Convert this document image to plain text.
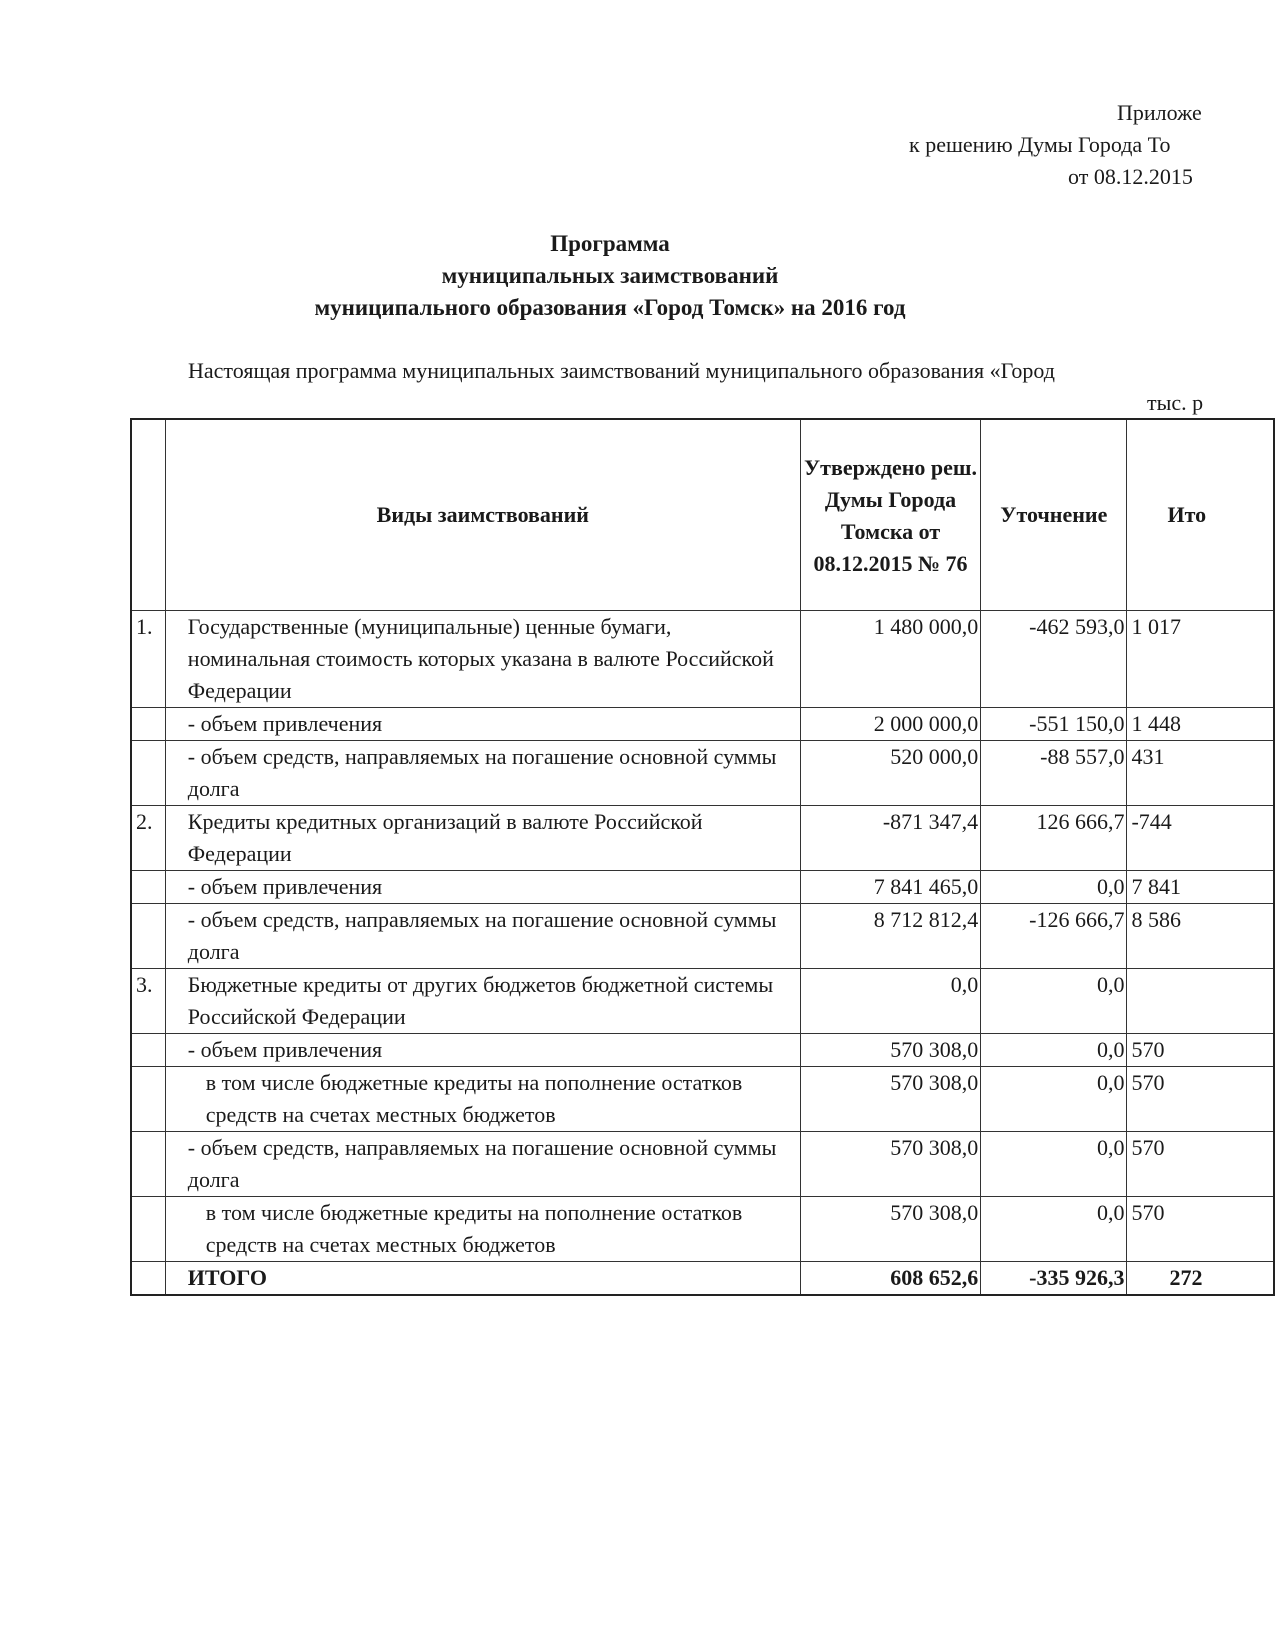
Приложе
к решению Думы Города То
от 08.12.2015
Программа
муниципальных заимствований
муниципального образования «Город Томск» на 2016 год
Настоящая программа муниципальных заимствований муниципального образования «Город
тыс. р
	Виды заимствований	Утверждено реш. Думы Города Томска от 08.12.2015 № 76	Уточнение	Ито
1.	Государственные (муниципальные) ценные бумаги, номинальная стоимость которых указана в валюте Российской Федерации	1 480 000,0	-462 593,0	1 017
	- объем привлечения	2 000 000,0	-551 150,0	1 448
	- объем средств, направляемых на погашение основной суммы долга	520 000,0	-88 557,0	431
2.	Кредиты кредитных организаций в валюте Российской Федерации	-871 347,4	126 666,7	-744
	- объем привлечения	7 841 465,0	0,0	7 841
	- объем средств, направляемых на погашение основной суммы долга	8 712 812,4	-126 666,7	8 586
3.	Бюджетные кредиты от других бюджетов бюджетной системы Российской Федерации	0,0	0,0	
	- объем привлечения	570 308,0	0,0	570
	в том числе бюджетные кредиты на пополнение остатков средств на счетах местных бюджетов	570 308,0	0,0	570
	- объем средств, направляемых на погашение основной суммы долга	570 308,0	0,0	570
	в том числе бюджетные кредиты на пополнение остатков средств на счетах местных бюджетов	570 308,0	0,0	570
	ИТОГО	608 652,6	-335 926,3	272
